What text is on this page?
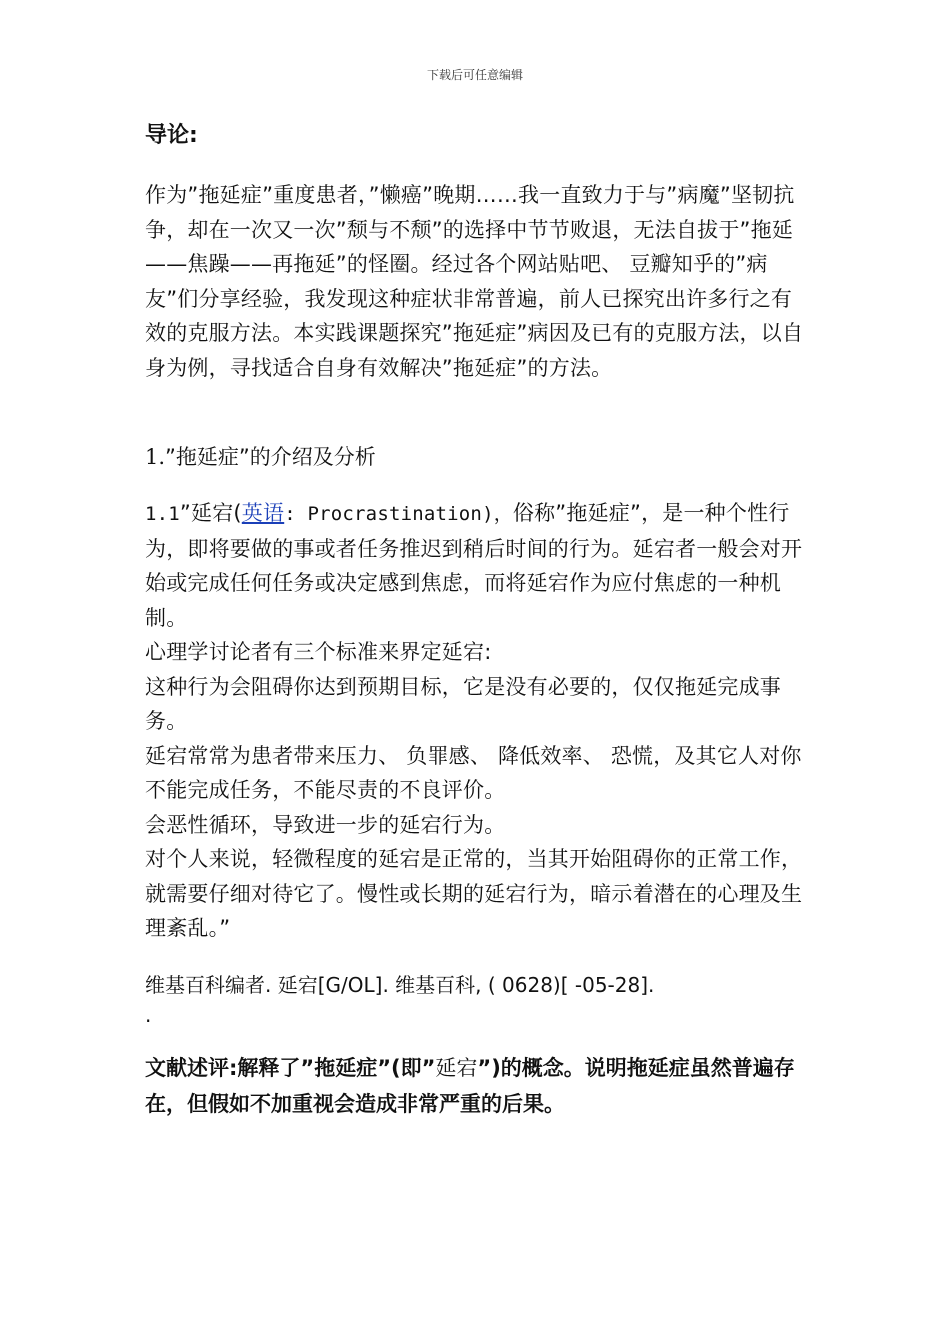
下载后可任意编辑
导论:

作为”拖延症”重度患者，”懒癌”晚期……我一直致力于与”病魔”坚韧抗争，却在一次又一次”颓与不颓”的选择中节节败退，无法自拔于”拖延——焦躁——再拖延”的怪圈。经过各个网站贴吧、 豆瓣知乎的”病友”们分享经验，我发现这种症状非常普遍，前人已探究出许多行之有效的克服方法。本实践课题探究”拖延症”病因及已有的克服方法，以自身为例，寻找适合自身有效解决”拖延症”的方法。

1.”拖延症”的介绍及分析

1.1”延宕(英语: Procrastination)，俗称”拖延症”，是一种个性行为，即将要做的事或者任务推迟到稍后时间的行为。延宕者一般会对开始或完成任何任务或决定感到焦虑，而将延宕作为应付焦虑的一种机制。

心理学讨论者有三个标准来界定延宕:

这种行为会阻碍你达到预期目标，它是没有必要的，仅仅拖延完成事务。

延宕常常为患者带来压力、 负罪感、 降低效率、 恐慌，及其它人对你不能完成任务，不能尽责的不良评价。

会恶性循环，导致进一步的延宕行为。

对个人来说，轻微程度的延宕是正常的，当其开始阻碍你的正常工作，就需要仔细对待它了。慢性或长期的延宕行为，暗示着潜在的心理及生理紊乱。”

维基百科编者. 延宕[G/OL]. 维基百科, ( 0628)[ -05-28].

.

文献述评:解释了”拖延症”(即”延宕”)的概念。说明拖延症虽然普遍存在，但假如不加重视会造成非常严重的后果。
